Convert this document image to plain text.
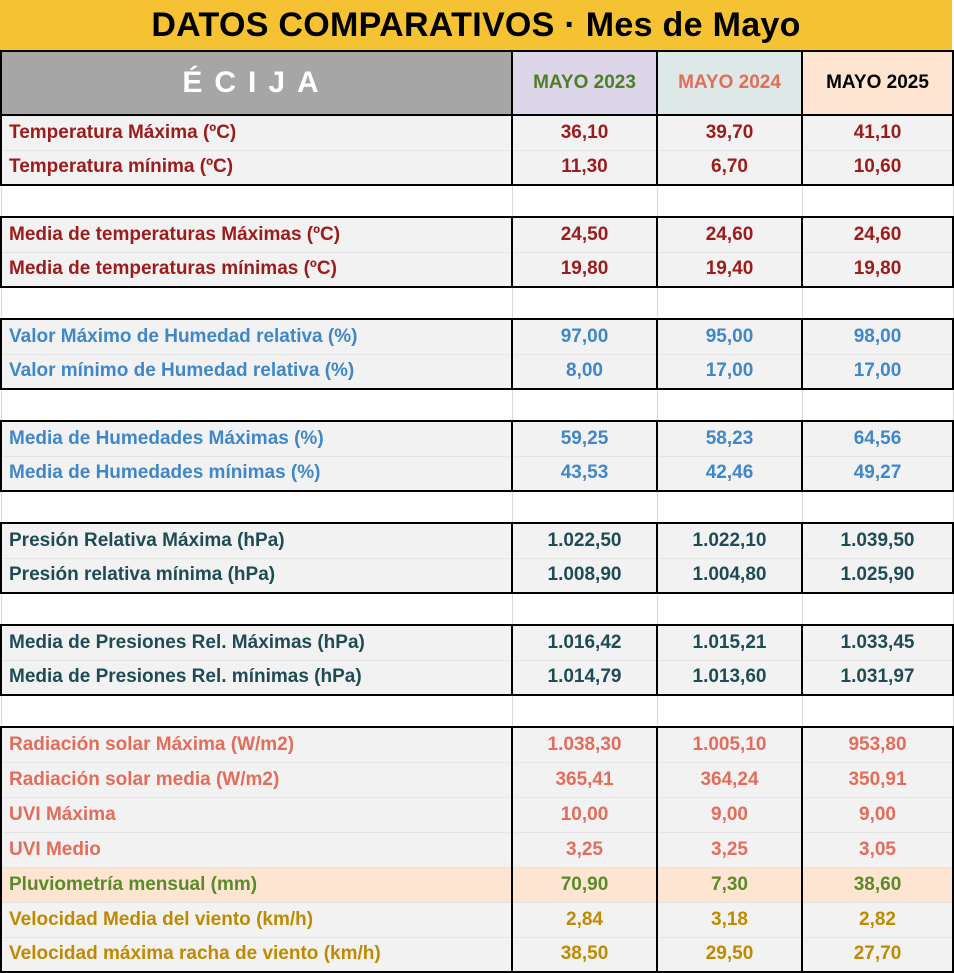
DATOS COMPARATIVOS · Mes de Mayo
ÉCIJA	MAYO 2023	MAYO 2024	MAYO 2025
Temperatura Máxima (ºC)	36,10	39,70	41,10
Temperatura mínima (ºC)	11,30	6,70	10,60

Media de temperaturas Máximas (ºC)	24,50	24,60	24,60
Media de temperaturas mínimas (ºC)	19,80	19,40	19,80

Valor Máximo de Humedad relativa (%)	97,00	95,00	98,00
Valor mínimo de Humedad relativa (%)	8,00	17,00	17,00

Media de Humedades Máximas (%)	59,25	58,23	64,56
Media de Humedades mínimas (%)	43,53	42,46	49,27

Presión Relativa Máxima (hPa)	1.022,50	1.022,10	1.039,50
Presión relativa mínima (hPa)	1.008,90	1.004,80	1.025,90

Media de Presiones Rel. Máximas (hPa)	1.016,42	1.015,21	1.033,45
Media de Presiones Rel. mínimas (hPa)	1.014,79	1.013,60	1.031,97

Radiación solar Máxima (W/m2)	1.038,30	1.005,10	953,80
Radiación solar media (W/m2)	365,41	364,24	350,91
UVI Máxima	10,00	9,00	9,00
UVI Medio	3,25	3,25	3,05
Pluviometría mensual (mm)	70,90	7,30	38,60
Velocidad Media del viento (km/h)	2,84	3,18	2,82
Velocidad máxima racha de viento (km/h)	38,50	29,50	27,70
